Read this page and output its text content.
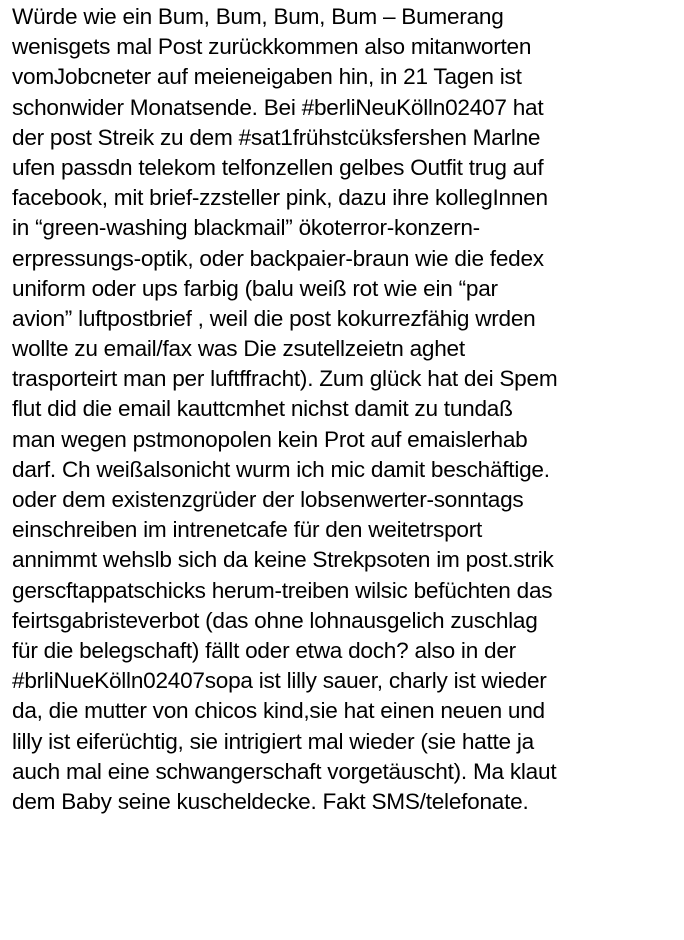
Würde wie ein Bum, Bum, Bum, Bum – Bumerang
wenisgets mal Post zurückkommen also mitanworten
vomJobcneter auf meieneigaben hin, in 21 Tagen ist
schonwider Monatsende. Bei #berliNeuKölln02407 hat
der post Streik zu dem #sat1frühstcüksfershen Marlne
ufen passdn telekom telfonzellen gelbes Outfit trug auf
facebook, mit brief-zzsteller pink, dazu ihre kollegInnen
in “green-washing blackmail” ökoterror-konzern-
erpressungs-optik, oder backpaier-braun wie die fedex
uniform oder ups farbig (balu weiß rot wie ein “par
avion” luftpostbrief , weil die post kokurrezfähig wrden
wollte zu email/fax was Die zsutellzeietn aghet
trasporteirt man per luftffracht). Zum glück hat dei Spem
flut did die email kauttcmhet nichst damit zu tundaß
man wegen pstmonopolen kein Prot auf emaislerhab
darf. Ch weißalsonicht wurm ich mic damit beschäftige.
oder dem existenzgrüder der lobsenwerter-sonntags
einschreiben im intrenetcafe für den weitetrsport
annimmt wehslb sich da keine Strekpsoten im post.strik
gerscftappatschicks herum-treiben wilsic befüchten das
feirtsgabristeverbot (das ohne lohnausgelich zuschlag
für die belegschaft) fällt oder etwa doch? also in der
#brliNueKölln02407sopa ist lilly sauer, charly ist wieder
da, die mutter von chicos kind,sie hat einen neuen und
lilly ist eiferüchtig, sie intrigiert mal wieder (sie hatte ja
auch mal eine schwangerschaft vorgetäuscht). Ma klaut
dem Baby seine kuscheldecke. Fakt SMS/telefonate.
